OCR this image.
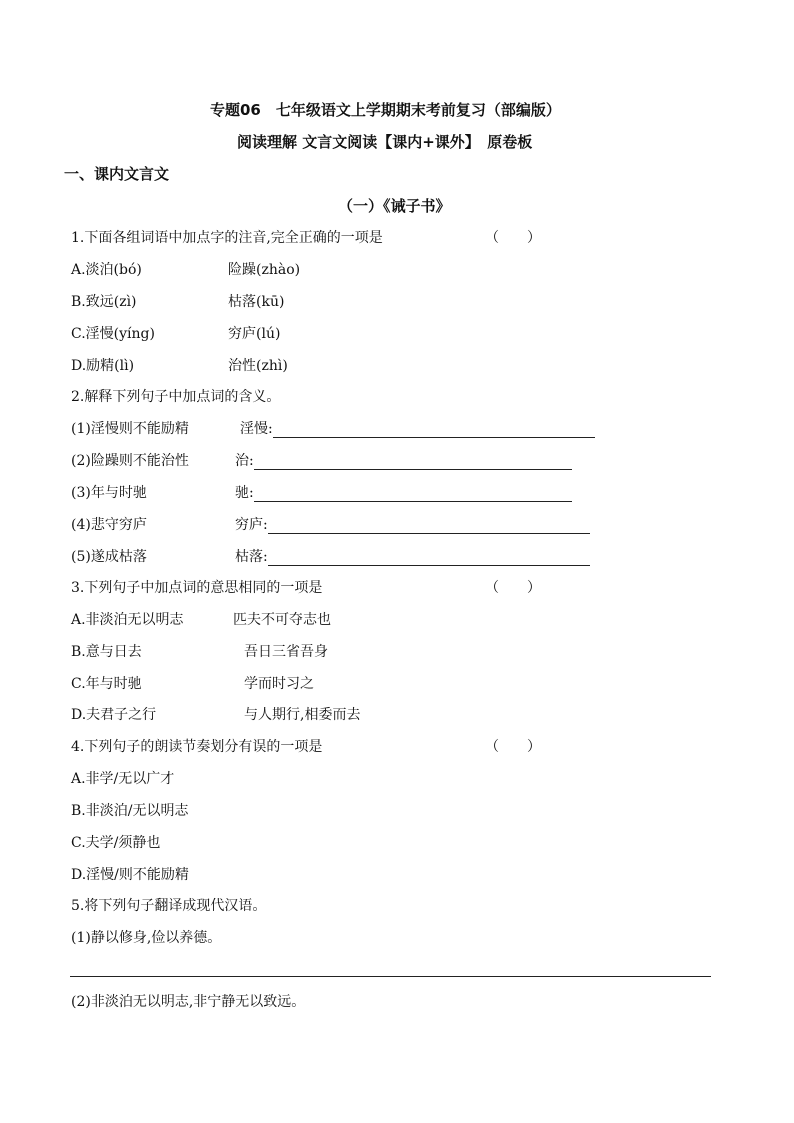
专题06　七年级语文上学期期末考前复习（部编版）
阅读理解 文言文阅读【课内+课外】　原卷板
一、课内文言文
（一）《诫子书》
1.下面各组词语中加点字的注音,完全正确的一项是	（　　）
A.淡泊(bó)	险躁(zhào)
B.致远(zì)	枯落(kū)
C.淫慢(yíng)	穷庐(lú)
D.励精(lì)	治性(zhì)
2.解释下列句子中加点词的含义。
(1)淫慢则不能励精	淫慢:
(2)险躁则不能治性	治:
(3)年与时驰	驰:
(4)悲守穷庐	穷庐:
(5)遂成枯落	枯落:
3.下列句子中加点词的意思相同的一项是	（　　）
A.非淡泊无以明志	匹夫不可夺志也
B.意与日去	吾日三省吾身
C.年与时驰	学而时习之
D.夫君子之行	与人期行,相委而去
4.下列句子的朗读节奏划分有误的一项是	（　　）
A.非学/无以广才
B.非淡泊/无以明志
C.夫学/须静也
D.淫慢/则不能励精
5.将下列句子翻译成现代汉语。
(1)静以修身,俭以养德。
(2)非淡泊无以明志,非宁静无以致远。
